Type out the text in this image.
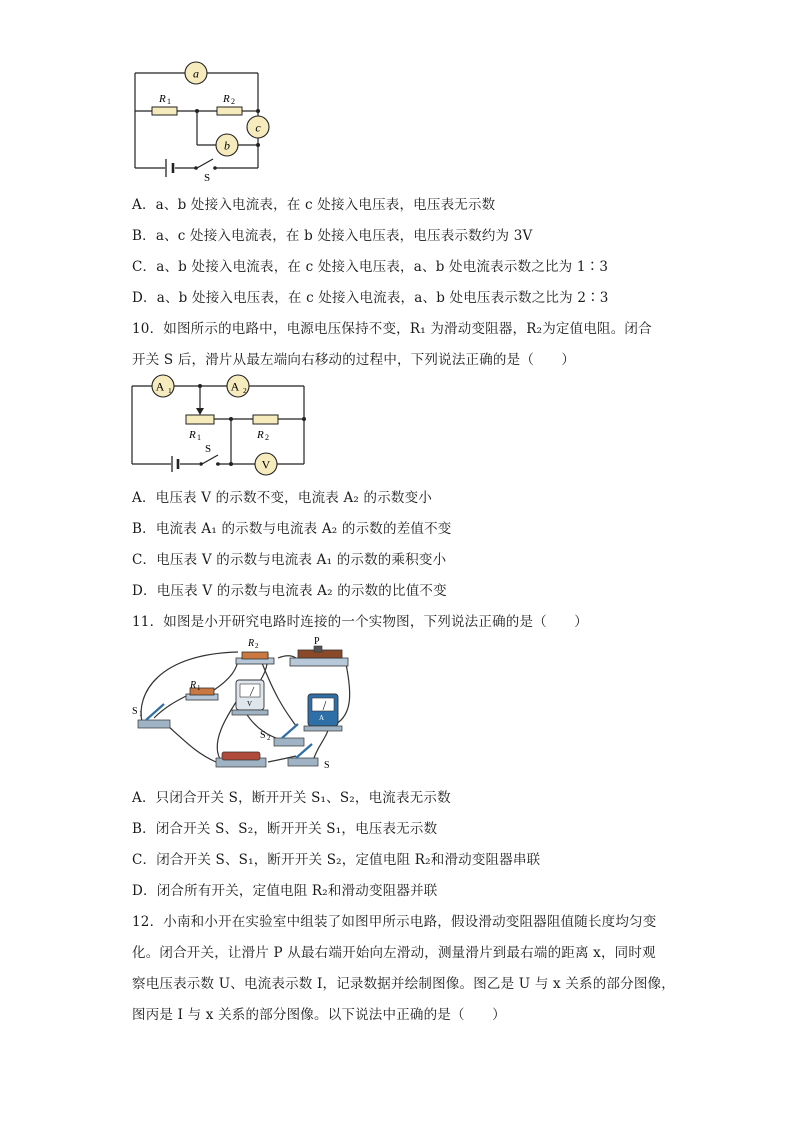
a
c
b
R 1	R 2
S
A．a、b 处接入电流表，在 c 处接入电压表，电压表无示数
B．a、c 处接入电流表，在 b 处接入电压表，电压表示数约为 3V
C．a、b 处接入电流表，在 c 处接入电压表，a、b 处电流表示数之比为 1∶3
D．a、b 处接入电压表，在 c 处接入电流表，a、b 处电压表示数之比为 2∶3
10．如图所示的电路中，电源电压保持不变，R₁ 为滑动变阻器，R₂为定值电阻。闭合
开关 S 后，滑片从最左端向右移动的过程中，下列说法正确的是（　　）
A 1	A 2
V
R 1	R 2
S
A．电压表 V 的示数不变，电流表 A₂ 的示数变小
B．电流表 A₁ 的示数与电流表 A₂ 的示数的差值不变
C．电压表 V 的示数与电流表 A₁ 的示数的乘积变小
D．电压表 V 的示数与电流表 A₂ 的示数的比值不变
11．如图是小开研究电路时连接的一个实物图，下列说法正确的是（　　）
R 2	P
R 1
V
A
S 1
S 2
S
A．只闭合开关 S，断开开关 S₁、S₂，电流表无示数
B．闭合开关 S、S₂，断开开关 S₁，电压表无示数
C．闭合开关 S、S₁，断开开关 S₂，定值电阻 R₂和滑动变阻器串联
D．闭合所有开关，定值电阻 R₂和滑动变阻器并联
12．小南和小开在实验室中组装了如图甲所示电路，假设滑动变阻器阻值随长度均匀变
化。闭合开关，让滑片 P 从最右端开始向左滑动，测量滑片到最右端的距离 x，同时观
察电压表示数 U、电流表示数 I，记录数据并绘制图像。图乙是 U 与 x 关系的部分图像，
图丙是 I 与 x 关系的部分图像。以下说法中正确的是（　　）
